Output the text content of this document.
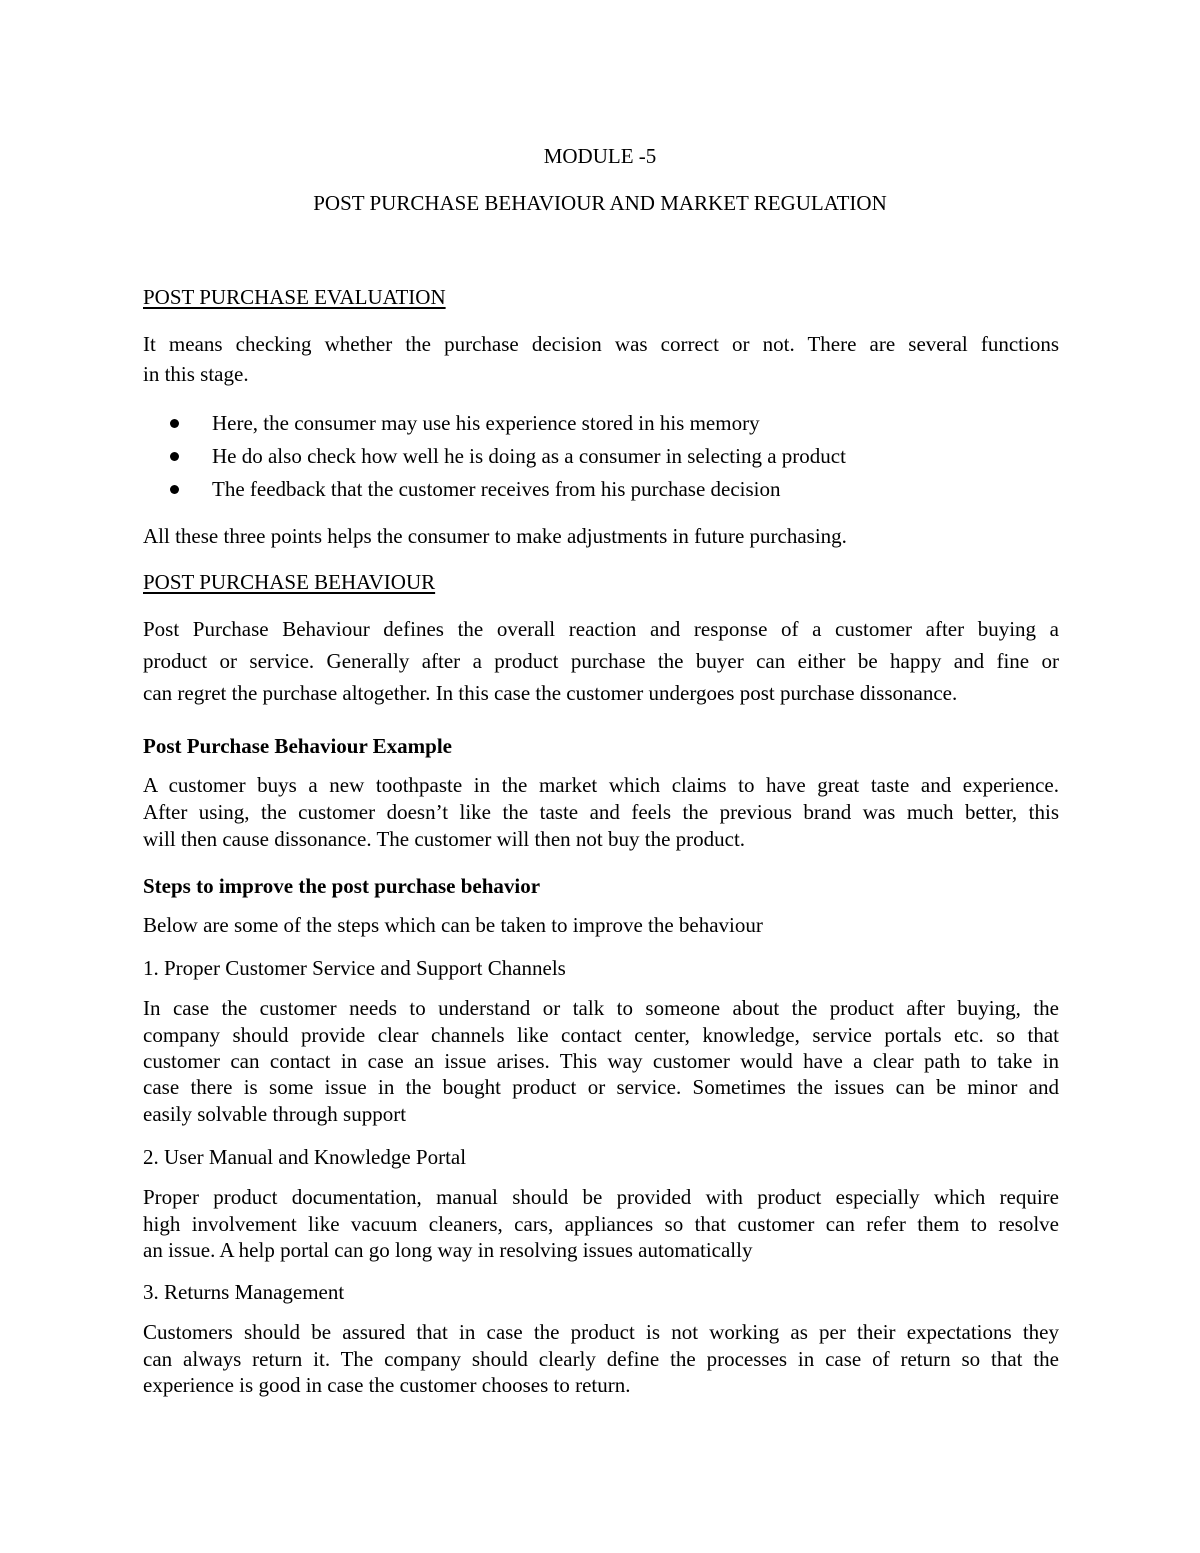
MODULE -5
POST PURCHASE BEHAVIOUR AND MARKET REGULATION
POST PURCHASE EVALUATION
It means checking whether the purchase decision was correct or not. There are several functions
in this stage.
Here, the consumer may use his experience stored in his memory
He do also check how well he is doing as a consumer in selecting a product
The feedback that the customer receives from his purchase decision
All these three points helps the consumer to make adjustments in future purchasing.
POST PURCHASE BEHAVIOUR
Post Purchase Behaviour defines the overall reaction and response of a customer after buying a
product or service. Generally after a product purchase the buyer can either be happy and fine or
can regret the purchase altogether. In this case the customer undergoes post purchase dissonance.
Post Purchase Behaviour Example
A customer buys a new toothpaste in the market which claims to have great taste and experience.
After using, the customer doesn’t like the taste and feels the previous brand was much better, this
will then cause dissonance. The customer will then not buy the product.
Steps to improve the post purchase behavior
Below are some of the steps which can be taken to improve the behaviour
1. Proper Customer Service and Support Channels
In case the customer needs to understand or talk to someone about the product after buying, the
company should provide clear channels like contact center, knowledge, service portals etc. so that
customer can contact in case an issue arises. This way customer would have a clear path to take in
case there is some issue in the bought product or service. Sometimes the issues can be minor and
easily solvable through support
2. User Manual and Knowledge Portal
Proper product documentation, manual should be provided with product especially which require
high involvement like vacuum cleaners, cars, appliances so that customer can refer them to resolve
an issue. A help portal can go long way in resolving issues automatically
3. Returns Management
Customers should be assured that in case the product is not working as per their expectations they
can always return it. The company should clearly define the processes in case of return so that the
experience is good in case the customer chooses to return.
